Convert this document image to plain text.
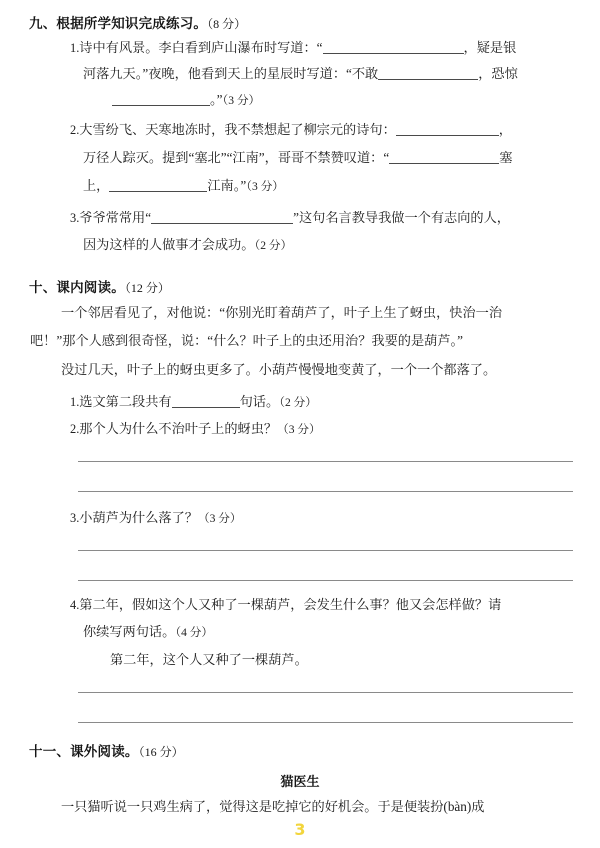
九、根据所学知识完成练习。（8 分）
1.诗中有风景。李白看到庐山瀑布时写道：“	，疑是银
河落九天。”夜晚，他看到天上的星辰时写道：“不敢	，恐惊
。”（3 分）
2.大雪纷飞、天寒地冻时，我不禁想起了柳宗元的诗句：	，
万径人踪灭。提到“塞北”“江南”，哥哥不禁赞叹道：“	塞
上，	江南。”（3 分）
3.爷爷常常用“	”这句名言教导我做一个有志向的人，
因为这样的人做事才会成功。（2 分）
十、课内阅读。（12 分）
一个邻居看见了，对他说：“你别光盯着葫芦了，叶子上生了蚜虫，快治一治
吧！”那个人感到很奇怪，说：“什么？叶子上的虫还用治？我要的是葫芦。”
没过几天，叶子上的蚜虫更多了。小葫芦慢慢地变黄了，一个一个都落了。
1.选文第二段共有	句话。（2 分）
2.那个人为什么不治叶子上的蚜虫？（3 分）
3.小葫芦为什么落了？（3 分）
4.第二年，假如这个人又种了一棵葫芦，会发生什么事？他又会怎样做？请
你续写两句话。（4 分）
第二年，这个人又种了一棵葫芦。
十一、课外阅读。（16 分）
猫医生
一只猫听说一只鸡生病了，觉得这是吃掉它的好机会。于是便装扮(bàn)成
3
